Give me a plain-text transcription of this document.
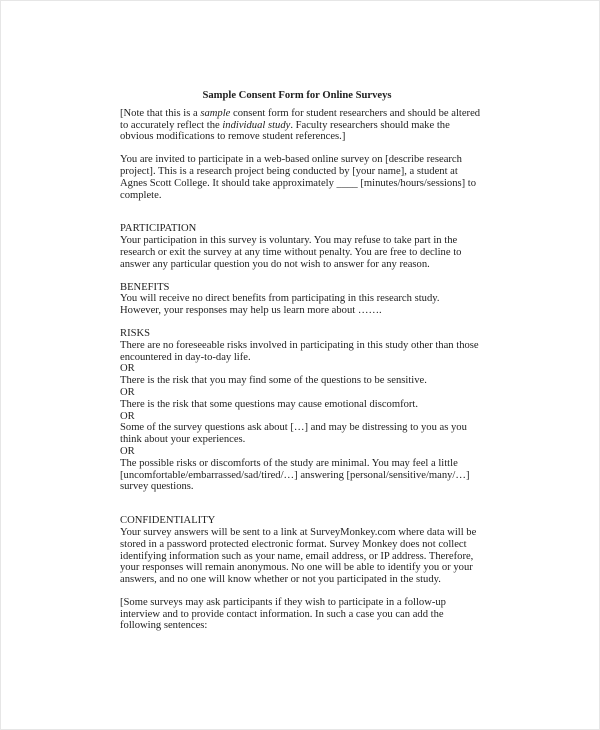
Sample Consent Form for Online Surveys

[Note that this is a sample consent form for student researchers and should be altered to accurately reflect the individual study. Faculty researchers should make the obvious modifications to remove student references.]

You are invited to participate in a web-based online survey on [describe research project]. This is a research project being conducted by [your name], a student at Agnes Scott College. It should take approximately ____ [minutes/hours/sessions] to complete.

PARTICIPATION

Your participation in this survey is voluntary. You may refuse to take part in the research or exit the survey at any time without penalty. You are free to decline to answer any particular question you do not wish to answer for any reason.

BENEFITS

You will receive no direct benefits from participating in this research study. However, your responses may help us learn more about …….

RISKS

There are no foreseeable risks involved in participating in this study other than those encountered in day-to-day life.

OR

There is the risk that you may find some of the questions to be sensitive.

OR

There is the risk that some questions may cause emotional discomfort.

OR

Some of the survey questions ask about […] and may be distressing to you as you think about your experiences.

OR

The possible risks or discomforts of the study are minimal. You may feel a little [uncomfortable/embarrassed/sad/tired/…] answering [personal/sensitive/many/…] survey questions.

CONFIDENTIALITY

Your survey answers will be sent to a link at SurveyMonkey.com where data will be stored in a password protected electronic format. Survey Monkey does not collect identifying information such as your name, email address, or IP address. Therefore, your responses will remain anonymous. No one will be able to identify you or your answers, and no one will know whether or not you participated in the study.

[Some surveys may ask participants if they wish to participate in a follow-up interview and to provide contact information. In such a case you can add the following sentences:
